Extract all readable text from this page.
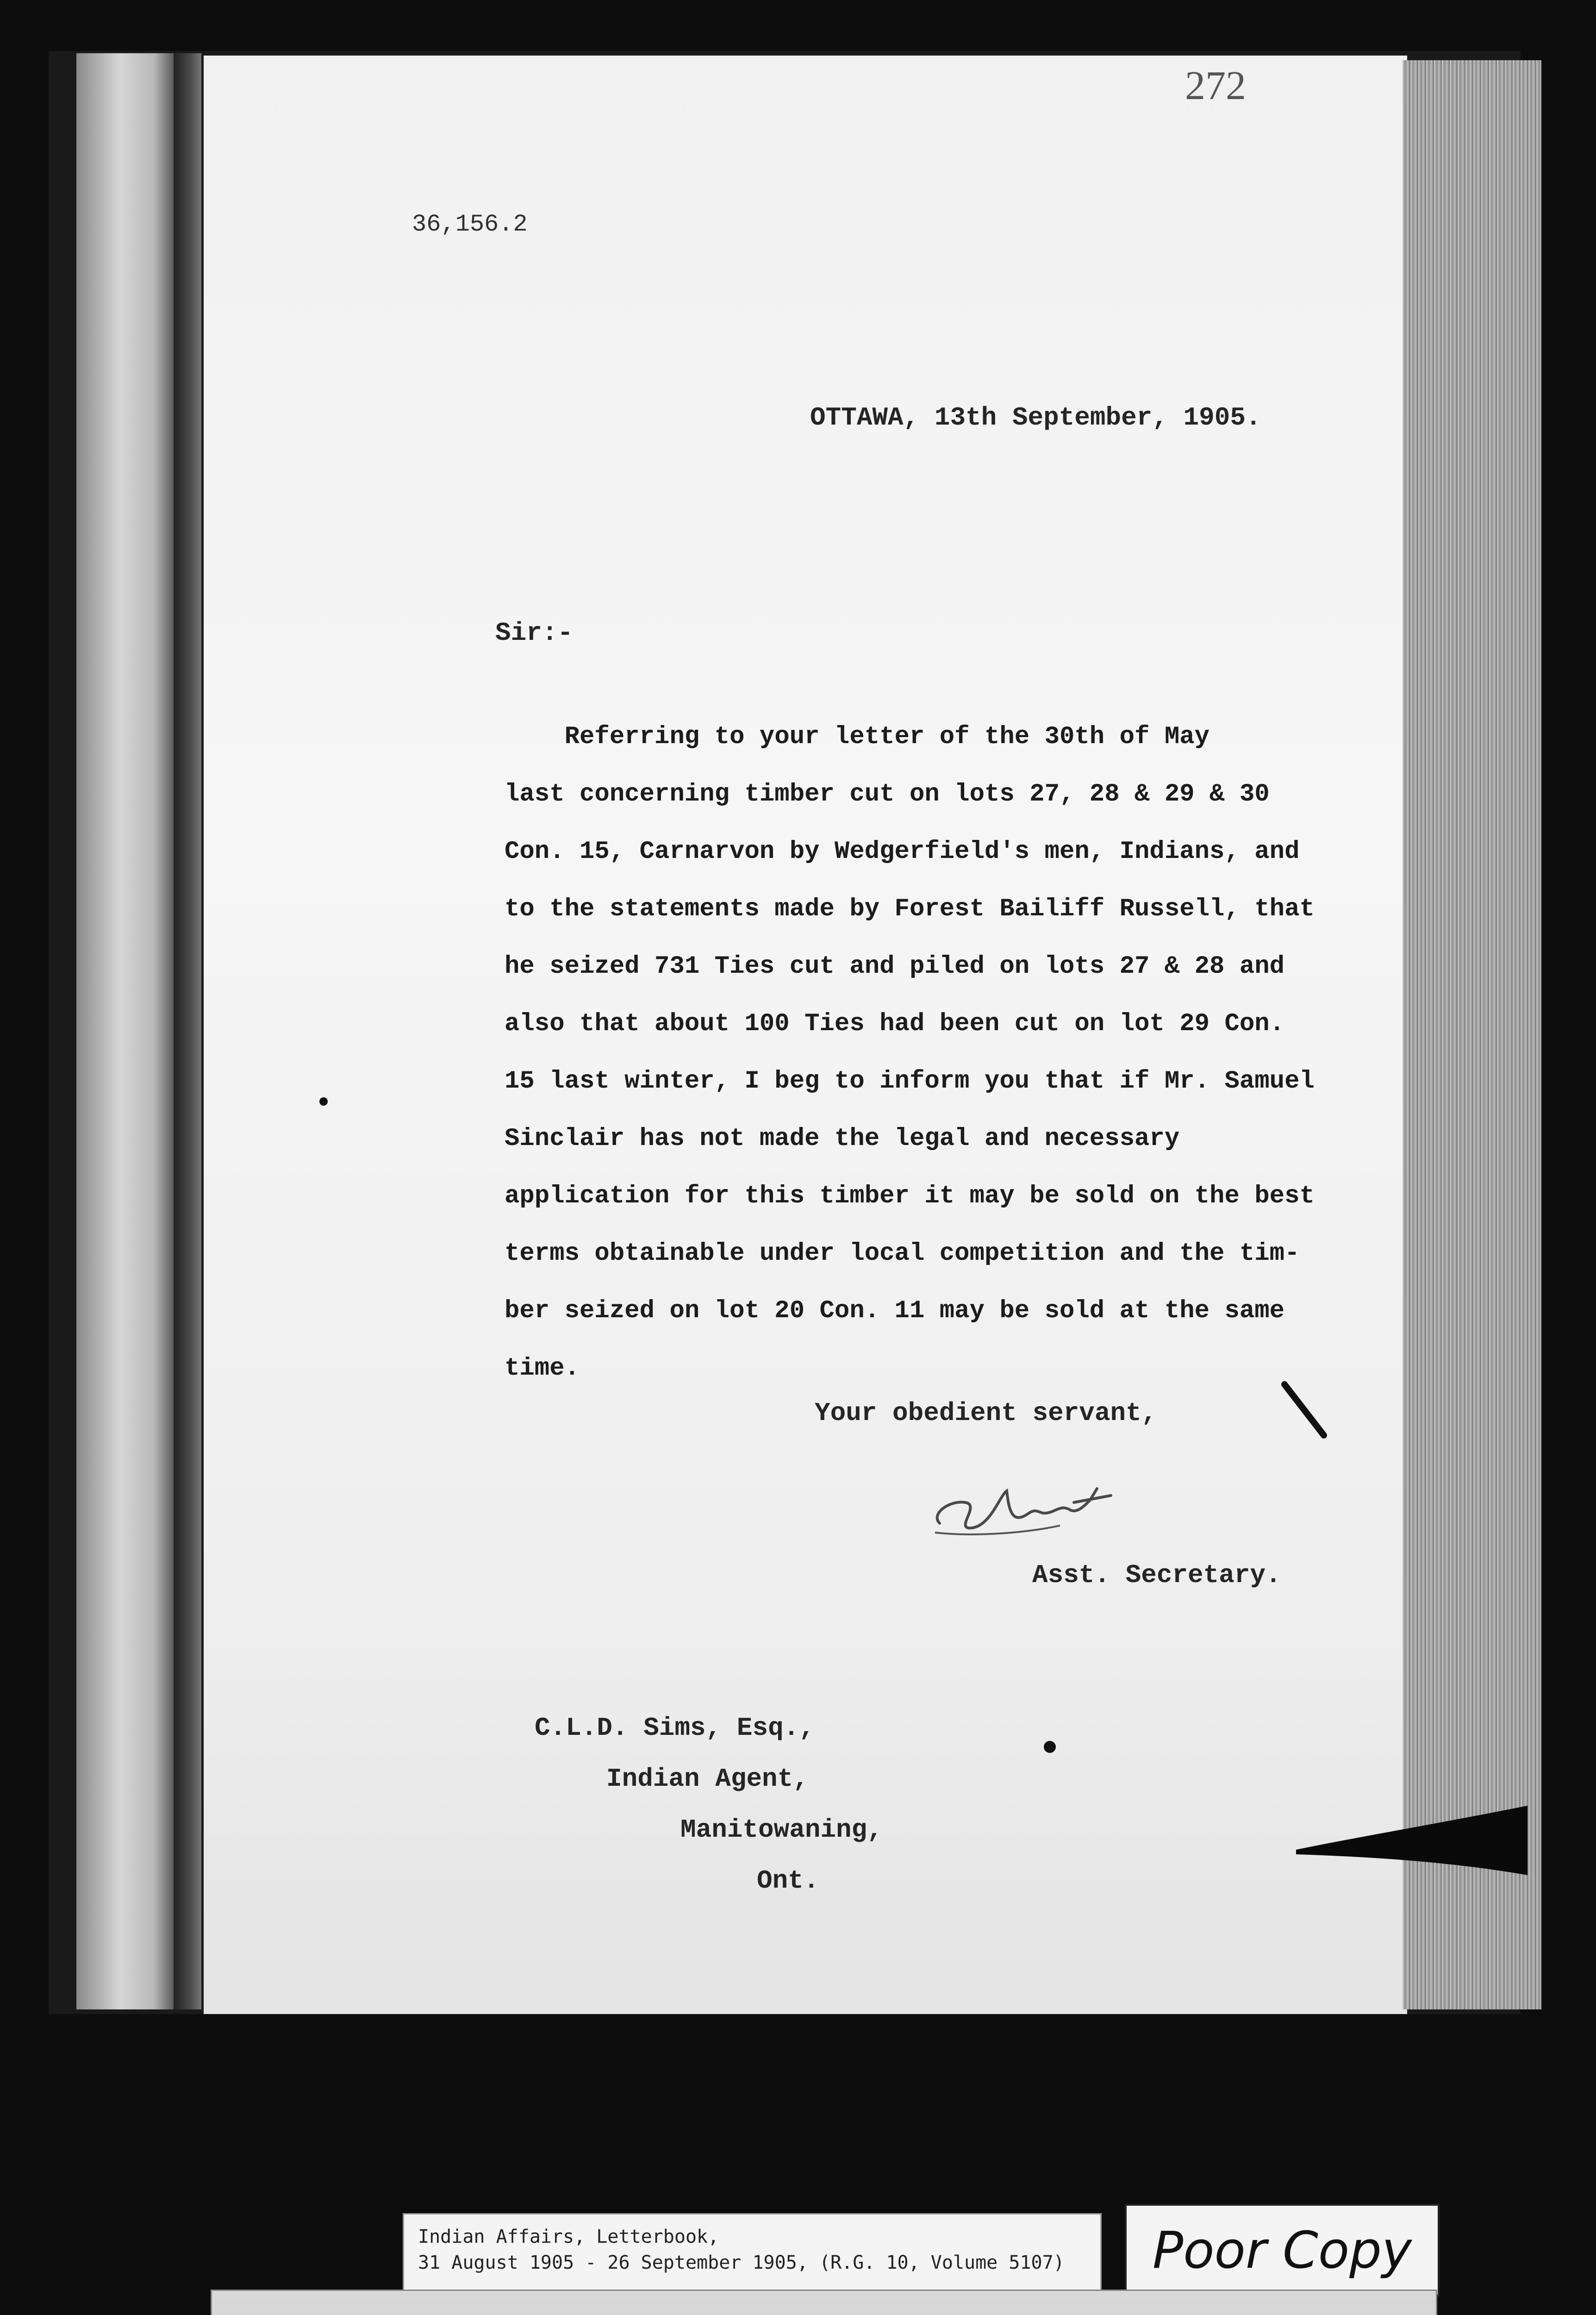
272
36,156.2
OTTAWA, 13th September, 1905.
Sir:-
Referring to your letter of the 30th of May
last concerning timber cut on lots 27, 28 & 29 & 30
Con. 15, Carnarvon by Wedgerfield's men, Indians, and
to the statements made by Forest Bailiff Russell, that
he seized 731 Ties cut and piled on lots 27 & 28 and
also that about 100 Ties had been cut on lot 29 Con.
15 last winter, I beg to inform you that if Mr. Samuel
Sinclair has not made the legal and necessary
application for this timber it may be sold on the best
terms obtainable under local competition and the tim-
ber seized on lot 20 Con. 11 may be sold at the same
time.
Your obedient servant,
Asst. Secretary.
C.L.D. Sims, Esq.,
Indian Agent,
Manitowaning,
Ont.
Indian Affairs, Letterbook,
31 August 1905 - 26 September 1905, (R.G. 10, Volume 5107)	Poor Copy
